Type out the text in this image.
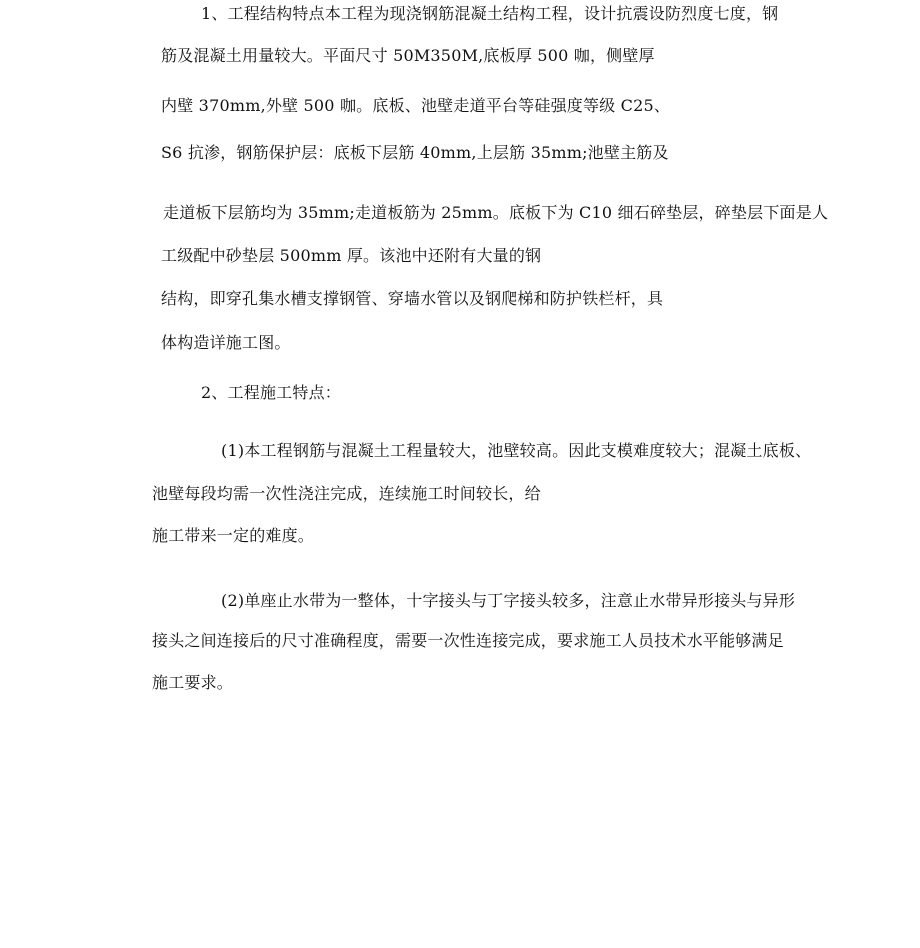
1、工程结构特点本工程为现浇钢筋混凝土结构工程，设计抗震设防烈度七度，钢

筋及混凝土用量较大。平面尺寸 50M350M,底板厚 500 咖，侧壁厚

内壁 370mm,外壁 500 咖。底板、池壁走道平台等硅强度等级 C25、

S6 抗渗，钢筋保护层：底板下层筋 40mm,上层筋 35mm;池壁主筋及

走道板下层筋均为 35mm;走道板筋为 25mm。底板下为 C10 细石碎垫层，碎垫层下面是人

工级配中砂垫层 500mm 厚。该池中还附有大量的钢

结构，即穿孔集水槽支撑钢管、穿墙水管以及钢爬梯和防护铁栏杆，具

体构造详施工图。

2、工程施工特点：

(1)本工程钢筋与混凝土工程量较大，池壁较高。因此支模难度较大；混凝土底板、

池壁每段均需一次性浇注完成，连续施工时间较长，给

施工带来一定的难度。

(2)单座止水带为一整体，十字接头与丁字接头较多，注意止水带异形接头与异形

接头之间连接后的尺寸准确程度，需要一次性连接完成，要求施工人员技术水平能够满足

施工要求。
